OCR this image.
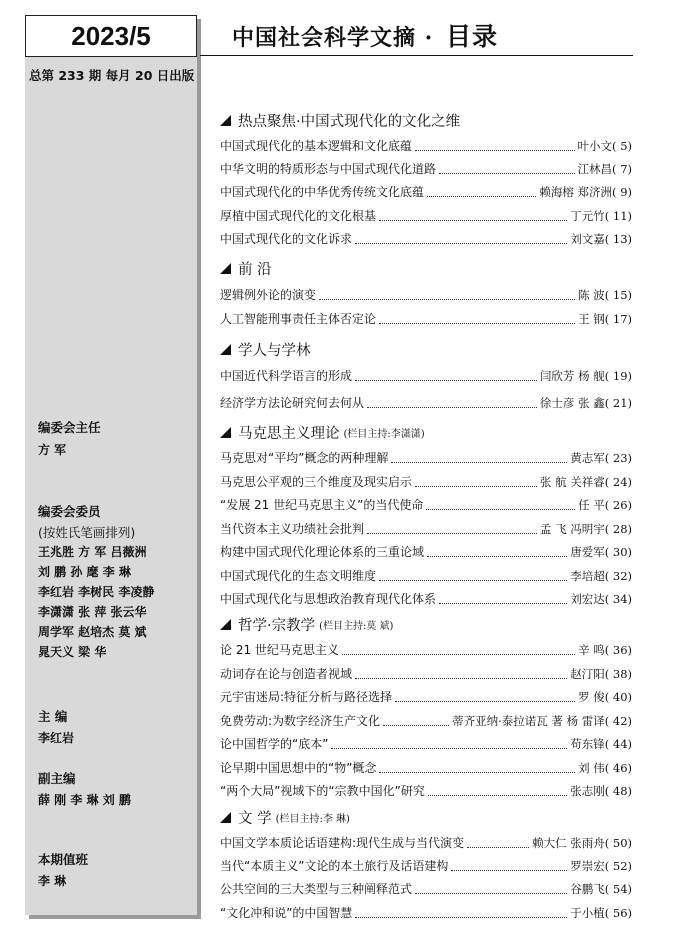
2023/5
总第 233 期 每月 20 日出版
编委会主任
方 军
编委会委员
(按姓氏笔画排列)
王兆胜 方 军 吕薇洲
刘 鹏 孙 麾 李 琳
李红岩 李树民 李凌静
李潇潇 张 萍 张云华
周学军 赵培杰 莫 斌
晁天义 梁 华
主 编
李红岩
副主编
薛 刚 李 琳 刘 鹏
本期值班
李 琳
中国社会科学文摘 · 目录
热点聚焦·中国式现代化的文化之维
中国式现代化的基本逻辑和文化底蕴	叶小文( 5)
中华文明的特质形态与中国式现代化道路	江林昌( 7)
中国式现代化的中华优秀传统文化底蕴	赖海榕 郑济洲( 9)
厚植中国式现代化的文化根基	丁元竹( 11)
中国式现代化的文化诉求	刘文嘉( 13)
前 沿
逻辑例外论的演变	陈 波( 15)
人工智能刑事责任主体否定论	王 钢( 17)
学人与学林
中国近代科学语言的形成	闫欣芳 杨 舰( 19)
经济学方法论研究何去何从	徐士彦 张 鑫( 21)
马克思主义理论 (栏目主持:李潇潇)
马克思对“平均”概念的两种理解	黄志军( 23)
马克思公平观的三个维度及现实启示	张 航 关祥睿( 24)
“发展 21 世纪马克思主义”的当代使命	任 平( 26)
当代资本主义功绩社会批判	孟 飞 冯明宇( 28)
构建中国式现代化理论体系的三重论域	唐爱军( 30)
中国式现代化的生态文明维度	李培超( 32)
中国式现代化与思想政治教育现代化体系	刘宏达( 34)
哲学·宗教学 (栏目主持:莫 斌)
论 21 世纪马克思主义	辛 鸣( 36)
动词存在论与创造者视域	赵汀阳( 38)
元宇宙迷局:特征分析与路径选择	罗 俊( 40)
免费劳动:为数字经济生产文化	蒂齐亚纳·泰拉诺瓦 著 杨 雷译( 42)
论中国哲学的“底本”	苟东锋( 44)
论早期中国思想中的“物”概念	刘 伟( 46)
“两个大局”视域下的“宗教中国化”研究	张志刚( 48)
文 学 (栏目主持:李 琳)
中国文学本质论话语建构:现代生成与当代演变	赖大仁 张雨舟( 50)
当代“本质主义”文论的本土旅行及话语建构	罗崇宏( 52)
公共空间的三大类型与三种阐释范式	谷鹏飞( 54)
“文化冲和说”的中国智慧	于小植( 56)
